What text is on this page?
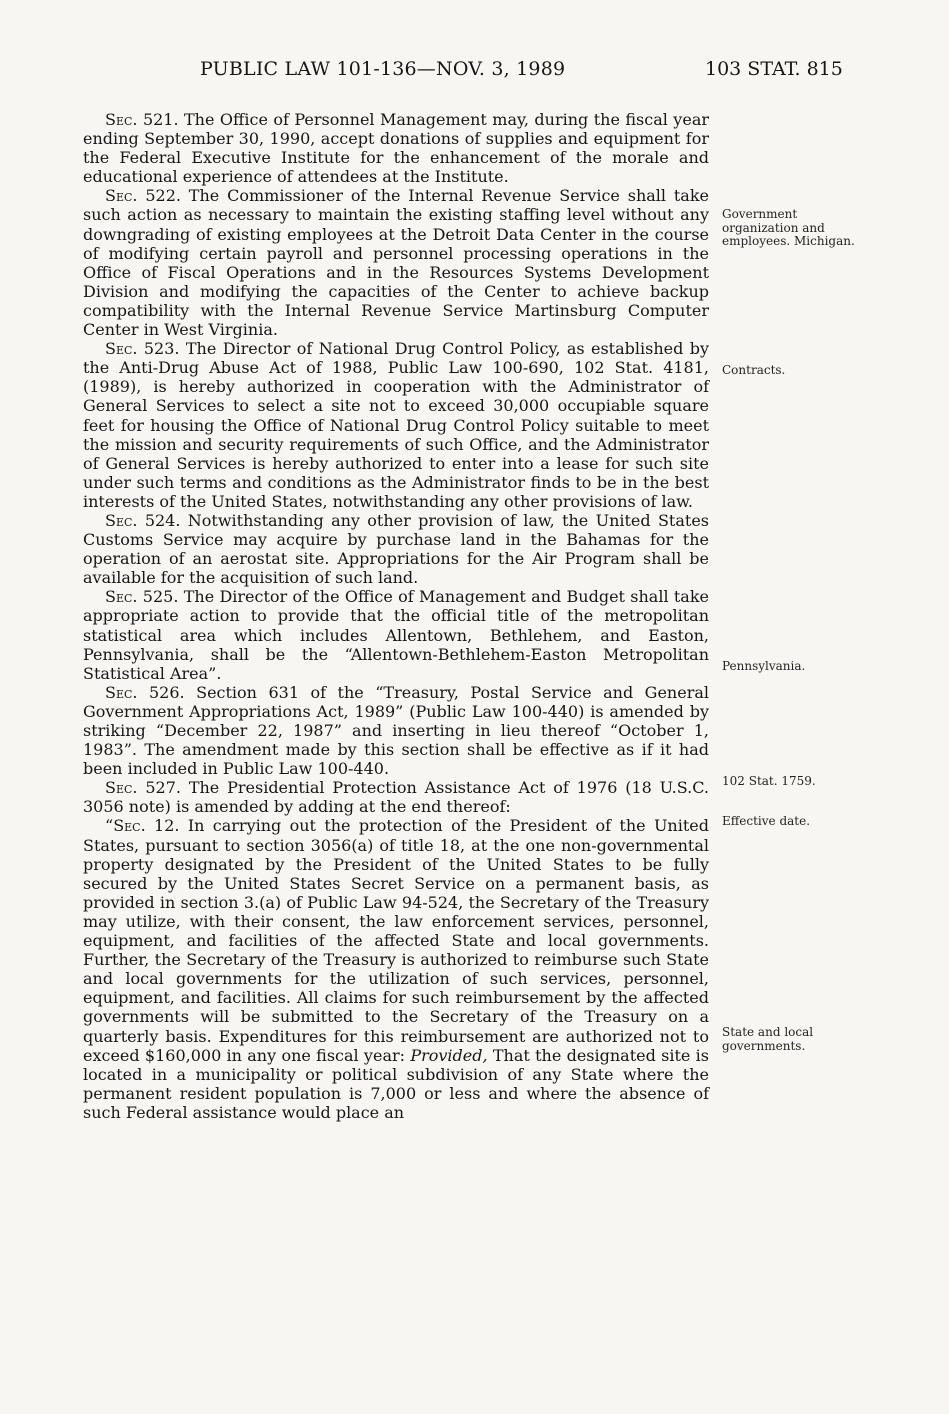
PUBLIC LAW 101-136—NOV. 3, 1989	103 STAT. 815

Sec. 521. The Office of Personnel Management may, during the fiscal year ending September 30, 1990, accept donations of supplies and equipment for the Federal Executive Institute for the enhancement of the morale and educational experience of attendees at the Institute.

Sec. 522. The Commissioner of the Internal Revenue Service shall take such action as necessary to maintain the existing staffing level without any downgrading of existing employees at the Detroit Data Center in the course of modifying certain payroll and personnel processing operations in the Office of Fiscal Operations and in the Resources Systems Development Division and modifying the capacities of the Center to achieve backup compatibility with the Internal Revenue Service Martinsburg Computer Center in West Virginia.

Sec. 523. The Director of National Drug Control Policy, as established by the Anti-Drug Abuse Act of 1988, Public Law 100-690, 102 Stat. 4181, (1989), is hereby authorized in cooperation with the Administrator of General Services to select a site not to exceed 30,000 occupiable square feet for housing the Office of National Drug Control Policy suitable to meet the mission and security requirements of such Office, and the Administrator of General Services is hereby authorized to enter into a lease for such site under such terms and conditions as the Administrator finds to be in the best interests of the United States, notwithstanding any other provisions of law.

Sec. 524. Notwithstanding any other provision of law, the United States Customs Service may acquire by purchase land in the Bahamas for the operation of an aerostat site. Appropriations for the Air Program shall be available for the acquisition of such land.

Sec. 525. The Director of the Office of Management and Budget shall take appropriate action to provide that the official title of the metropolitan statistical area which includes Allentown, Bethlehem, and Easton, Pennsylvania, shall be the “Allentown-Bethlehem-Easton Metropolitan Statistical Area”.

Sec. 526. Section 631 of the “Treasury, Postal Service and General Government Appropriations Act, 1989” (Public Law 100-440) is amended by striking “December 22, 1987” and inserting in lieu thereof “October 1, 1983”. The amendment made by this section shall be effective as if it had been included in Public Law 100-440.

Sec. 527. The Presidential Protection Assistance Act of 1976 (18 U.S.C. 3056 note) is amended by adding at the end thereof:

“Sec. 12. In carrying out the protection of the President of the United States, pursuant to section 3056(a) of title 18, at the one non-governmental property designated by the President of the United States to be fully secured by the United States Secret Service on a permanent basis, as provided in section 3.(a) of Public Law 94-524, the Secretary of the Treasury may utilize, with their consent, the law enforcement services, personnel, equipment, and facilities of the affected State and local governments. Further, the Secretary of the Treasury is authorized to reimburse such State and local governments for the utilization of such services, personnel, equipment, and facilities. All claims for such reimbursement by the affected governments will be submitted to the Secretary of the Treasury on a quarterly basis. Expenditures for this reimbursement are authorized not to exceed $160,000 in any one fiscal year: Provided, That the designated site is located in a municipality or political subdivision of any State where the permanent resident population is 7,000 or less and where the absence of such Federal assistance would place an

Government organization and employees. Michigan.
Contracts.
Pennsylvania.
102 Stat. 1759.
Effective date.
State and local governments.
